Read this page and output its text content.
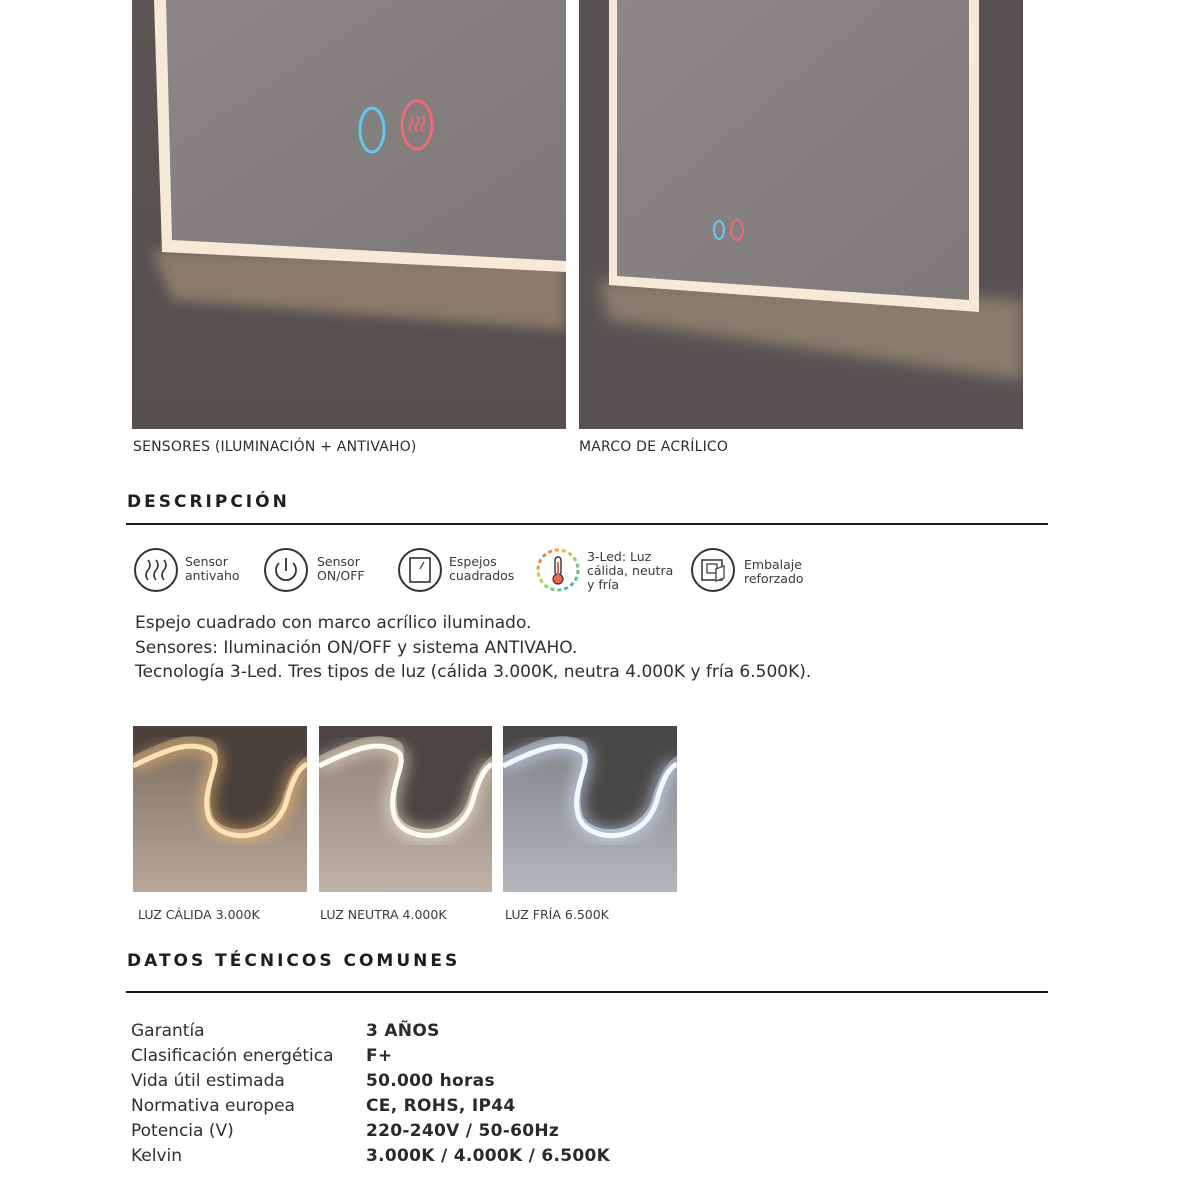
SENSORES (ILUMINACIÓN + ANTIVAHO)	MARCO DE ACRÍLICO
DESCRIPCIÓN
Sensor
antivaho
Sensor
ON/OFF
Espejos
cuadrados
3-Led: Luz
cálida, neutra
y fría
Embalaje
reforzado
Espejo cuadrado con marco acrílico iluminado.
Sensores: Iluminación ON/OFF y sistema ANTIVAHO.
Tecnología 3-Led. Tres tipos de luz (cálida 3.000K, neutra 4.000K y fría 6.500K).
LUZ CÁLIDA 3.000K	LUZ NEUTRA 4.000K	LUZ FRÍA 6.500K
DATOS TÉCNICOS COMUNES
Garantía	3 AÑOS
Clasificación energética F+
Vida útil estimada	50.000 horas
Normativa europea	CE, ROHS, IP44
Potencia (V)	220-240V / 50-60Hz
Kelvin	3.000K / 4.000K / 6.500K
